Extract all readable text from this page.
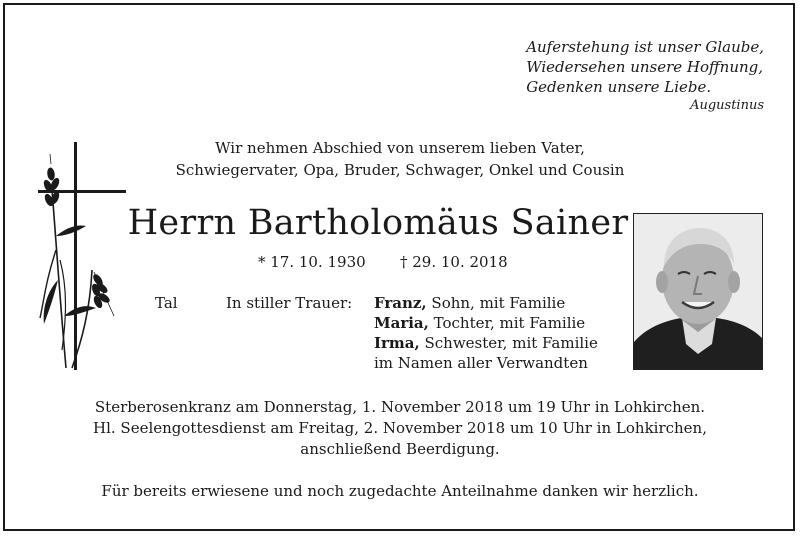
Auferstehung ist unser Glaube,
Wiedersehen unsere Hoffnung,
Gedenken unsere Liebe.
Augustinus
Wir nehmen Abschied von unserem lieben Vater,
Schwiegervater, Opa, Bruder, Schwager, Onkel und Cousin
Herrn Bartholomäus Sainer
* 17. 10. 1930 † 29. 10. 2018
Tal	In stiller Trauer: Franz, Sohn, mit Familie
Maria, Tochter, mit Familie
Irma, Schwester, mit Familie
im Namen aller Verwandten
Sterberosenkranz am Donnerstag, 1. November 2018 um 19 Uhr in Lohkirchen.
Hl. Seelengottesdienst am Freitag, 2. November 2018 um 10 Uhr in Lohkirchen,
anschließend Beerdigung.
Für bereits erwiesene und noch zugedachte Anteilnahme danken wir herzlich.
